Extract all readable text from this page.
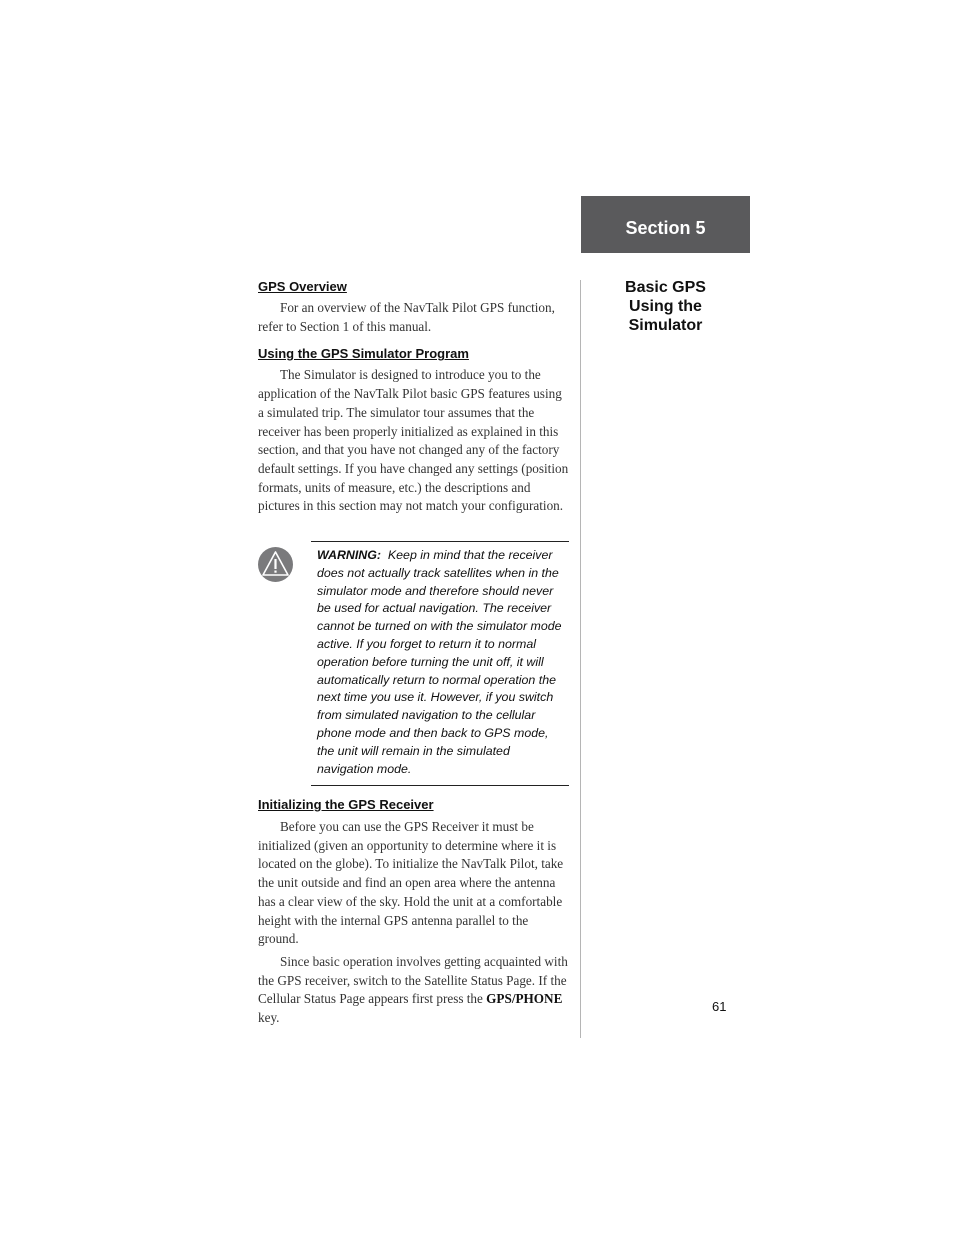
Section 5
Basic GPS
Using the
Simulator

GPS Overview

For an overview of the NavTalk Pilot GPS function, refer to Section 1 of this manual.

Using the GPS Simulator Program

The Simulator is designed to introduce you to the application of the NavTalk Pilot basic GPS features using a simulated trip. The simulator tour assumes that the receiver has been properly initialized as explained in this section, and that you have not changed any of the factory default settings. If you have changed any settings (position formats, units of measure, etc.) the descriptions and pictures in this section may not match your configuration.

WARNING: Keep in mind that the receiver does not actually track satellites when in the simulator mode and therefore should never be used for actual navigation. The receiver cannot be turned on with the simulator mode active. If you forget to return it to normal operation before turning the unit off, it will automatically return to normal operation the next time you use it. However, if you switch from simulated navigation to the cellular phone mode and then back to GPS mode, the unit will remain in the simulated navigation mode.

Initializing the GPS Receiver

Before you can use the GPS Receiver it must be initialized (given an opportunity to determine where it is located on the globe). To initialize the NavTalk Pilot, take the unit outside and find an open area where the antenna has a clear view of the sky. Hold the unit at a comfortable height with the internal GPS antenna parallel to the ground.

Since basic operation involves getting acquainted with the GPS receiver, switch to the Satellite Status Page. If the Cellular Status Page appears first press the GPS/PHONE key.

61
